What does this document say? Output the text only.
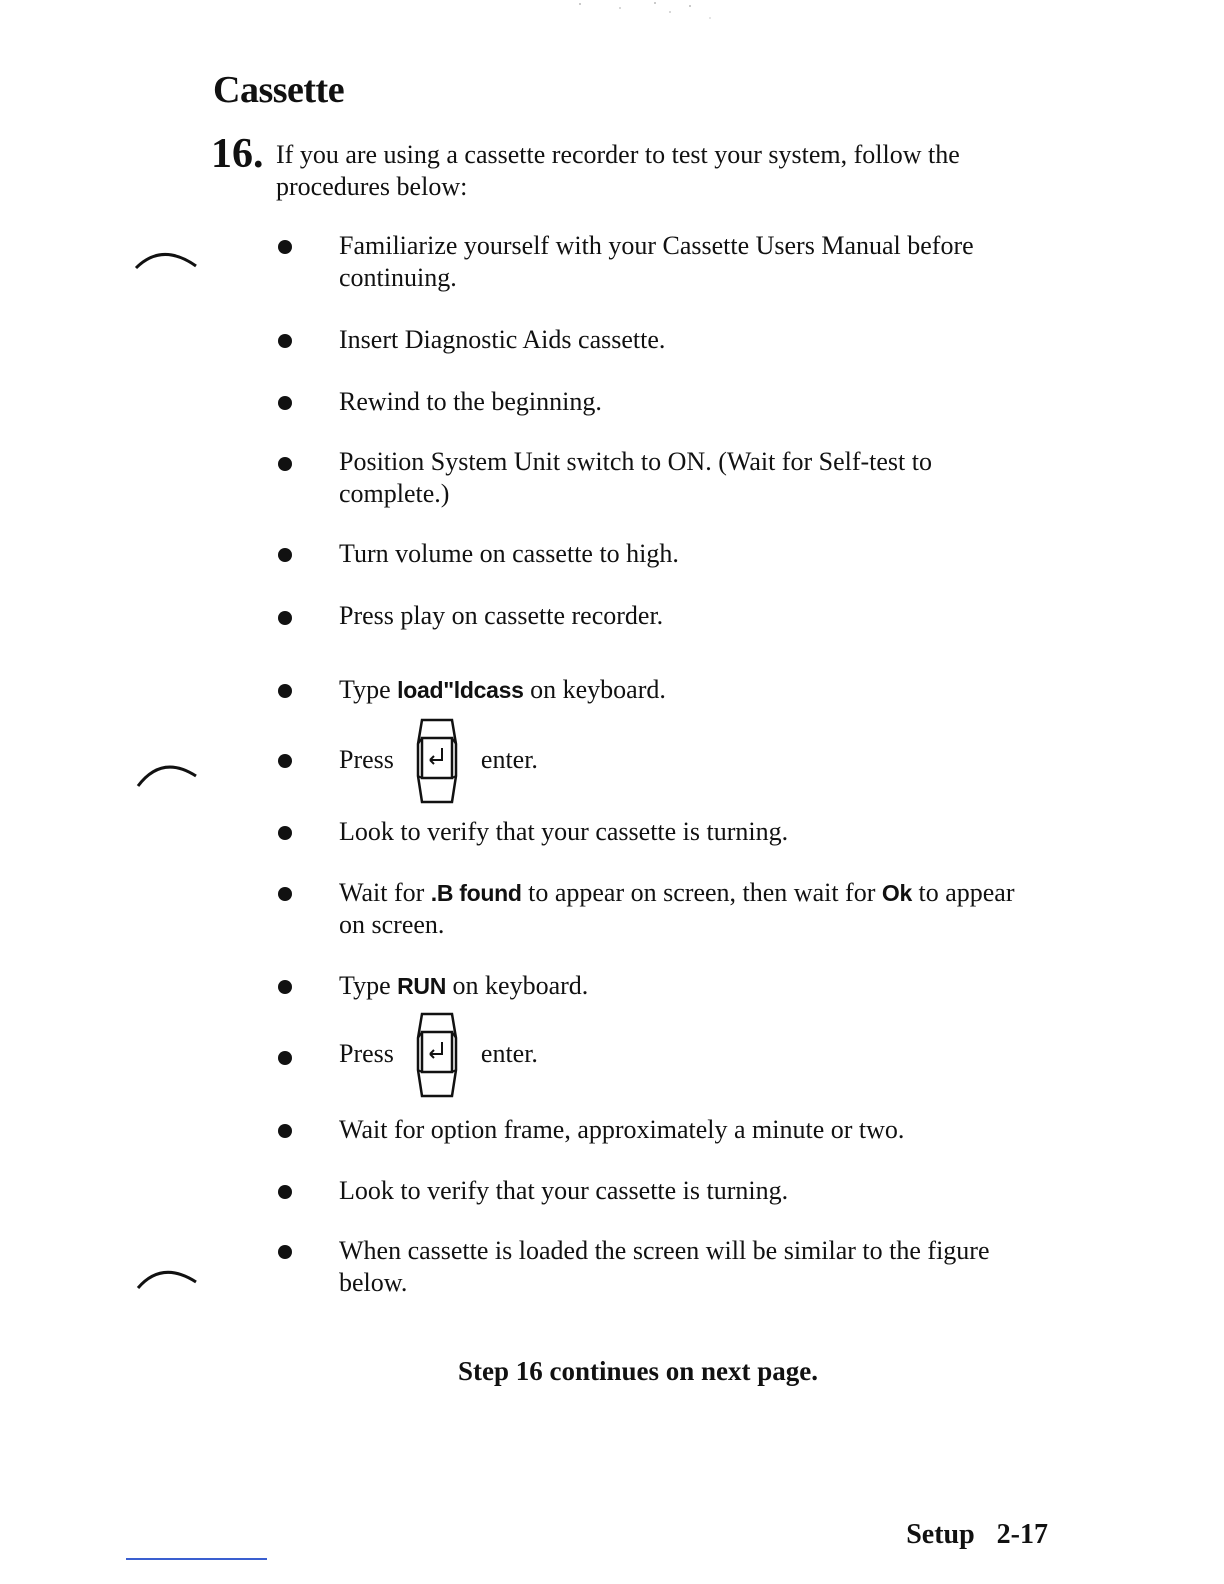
Cassette
16. If you are using a cassette recorder to test your system, follow the procedures below:
Familiarize yourself with your Cassette Users Manual before continuing.
Insert Diagnostic Aids cassette.
Rewind to the beginning.
Position System Unit switch to ON. (Wait for Self-test to complete.)
Turn volume on cassette to high.
Press play on cassette recorder.
Type load"ldcass on keyboard.
Press	enter.
Look to verify that your cassette is turning.
Wait for .B found to appear on screen, then wait for Ok to appear on screen.
Type RUN on keyboard.
Press	enter.
Wait for option frame, approximately a minute or two.
Look to verify that your cassette is turning.
When cassette is loaded the screen will be similar to the figure below.
Step 16 continues on next page.
Setup 2-17
